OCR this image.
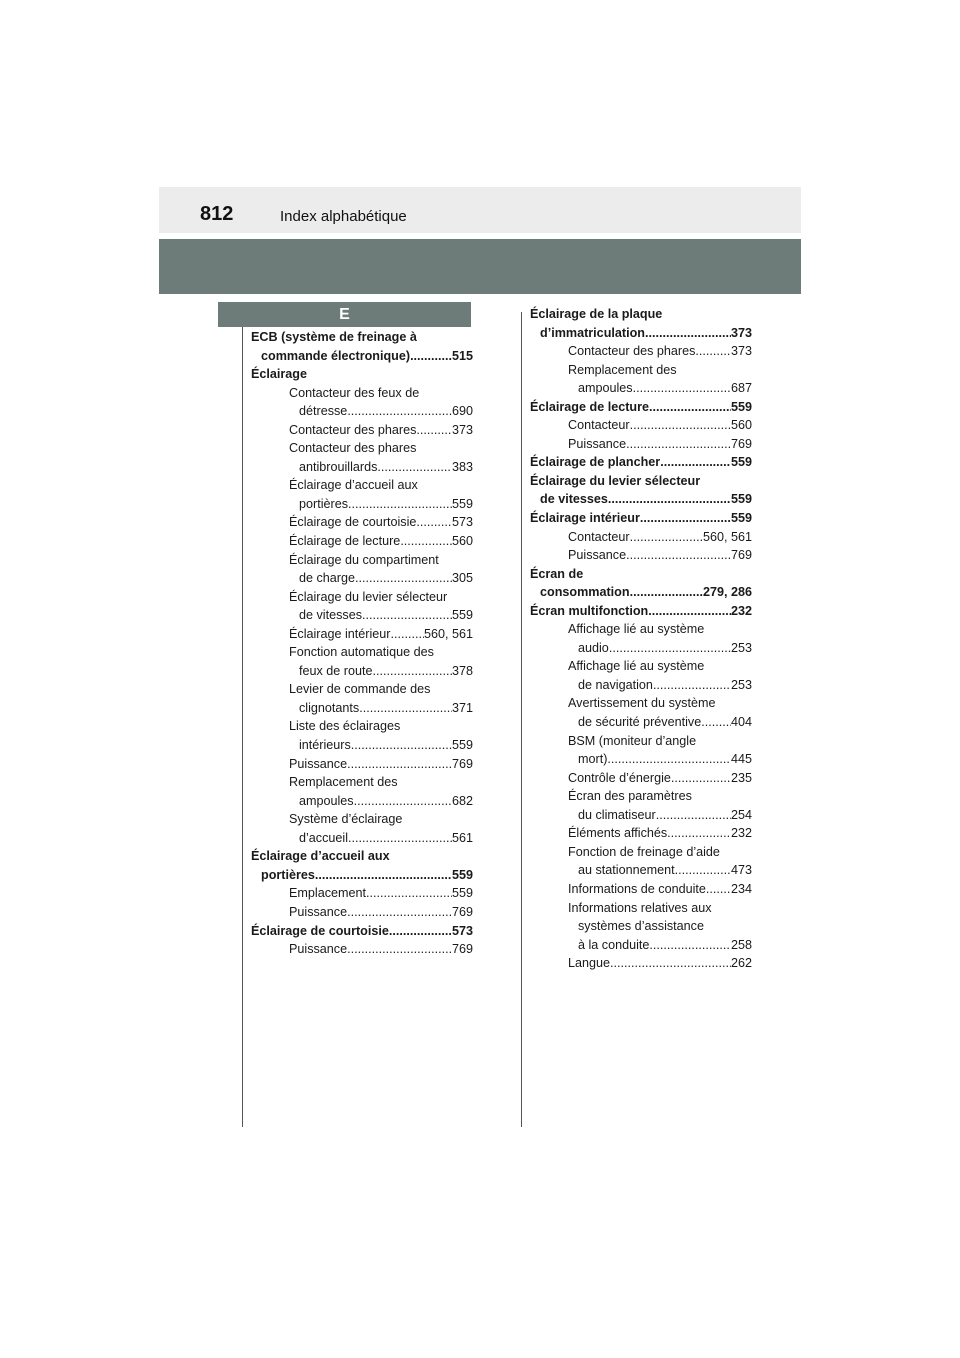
812	Index alphabétique
E
ECB (système de freinage à
commande électronique) .....	515
Éclairage
Contacteur des feux de
détresse .....	690
Contacteur des phares .....	373
Contacteur des phares
antibrouillards .....	383
Éclairage d’accueil aux
portières .....	559
Éclairage de courtoisie .....	573
Éclairage de lecture .....	560
Éclairage du compartiment
de charge .....	305
Éclairage du levier sélecteur
de vitesses .....	559
Éclairage intérieur .....	560, 561
Fonction automatique des
feux de route .....	378
Levier de commande des
clignotants .....	371
Liste des éclairages
intérieurs .....	559
Puissance .....	769
Remplacement des
ampoules .....	682
Système d’éclairage
d’accueil .....	561
Éclairage d’accueil aux
portières .....	559
Emplacement .....	559
Puissance .....	769
Éclairage de courtoisie .....	573
Puissance .....	769
Éclairage de la plaque
d’immatriculation .....	373
Contacteur des phares .....	373
Remplacement des
ampoules .....	687
Éclairage de lecture .....	559
Contacteur .....	560
Puissance .....	769
Éclairage de plancher .....	559
Éclairage du levier sélecteur
de vitesses .....	559
Éclairage intérieur .....	559
Contacteur .....	560, 561
Puissance .....	769
Écran de
consommation .....	279, 286
Écran multifonction .....	232
Affichage lié au système
audio .....	253
Affichage lié au système
de navigation .....	253
Avertissement du système
de sécurité préventive ..... 404
BSM (moniteur d’angle
mort) .....	445
Contrôle d’énergie .....	235
Écran des paramètres
du climatiseur .....	254
Éléments affichés .....	232
Fonction de freinage d’aide
au stationnement .....	473
Informations de conduite ..... 234
Informations relatives aux
systèmes d’assistance
à la conduite .....	258
Langue .....	262
